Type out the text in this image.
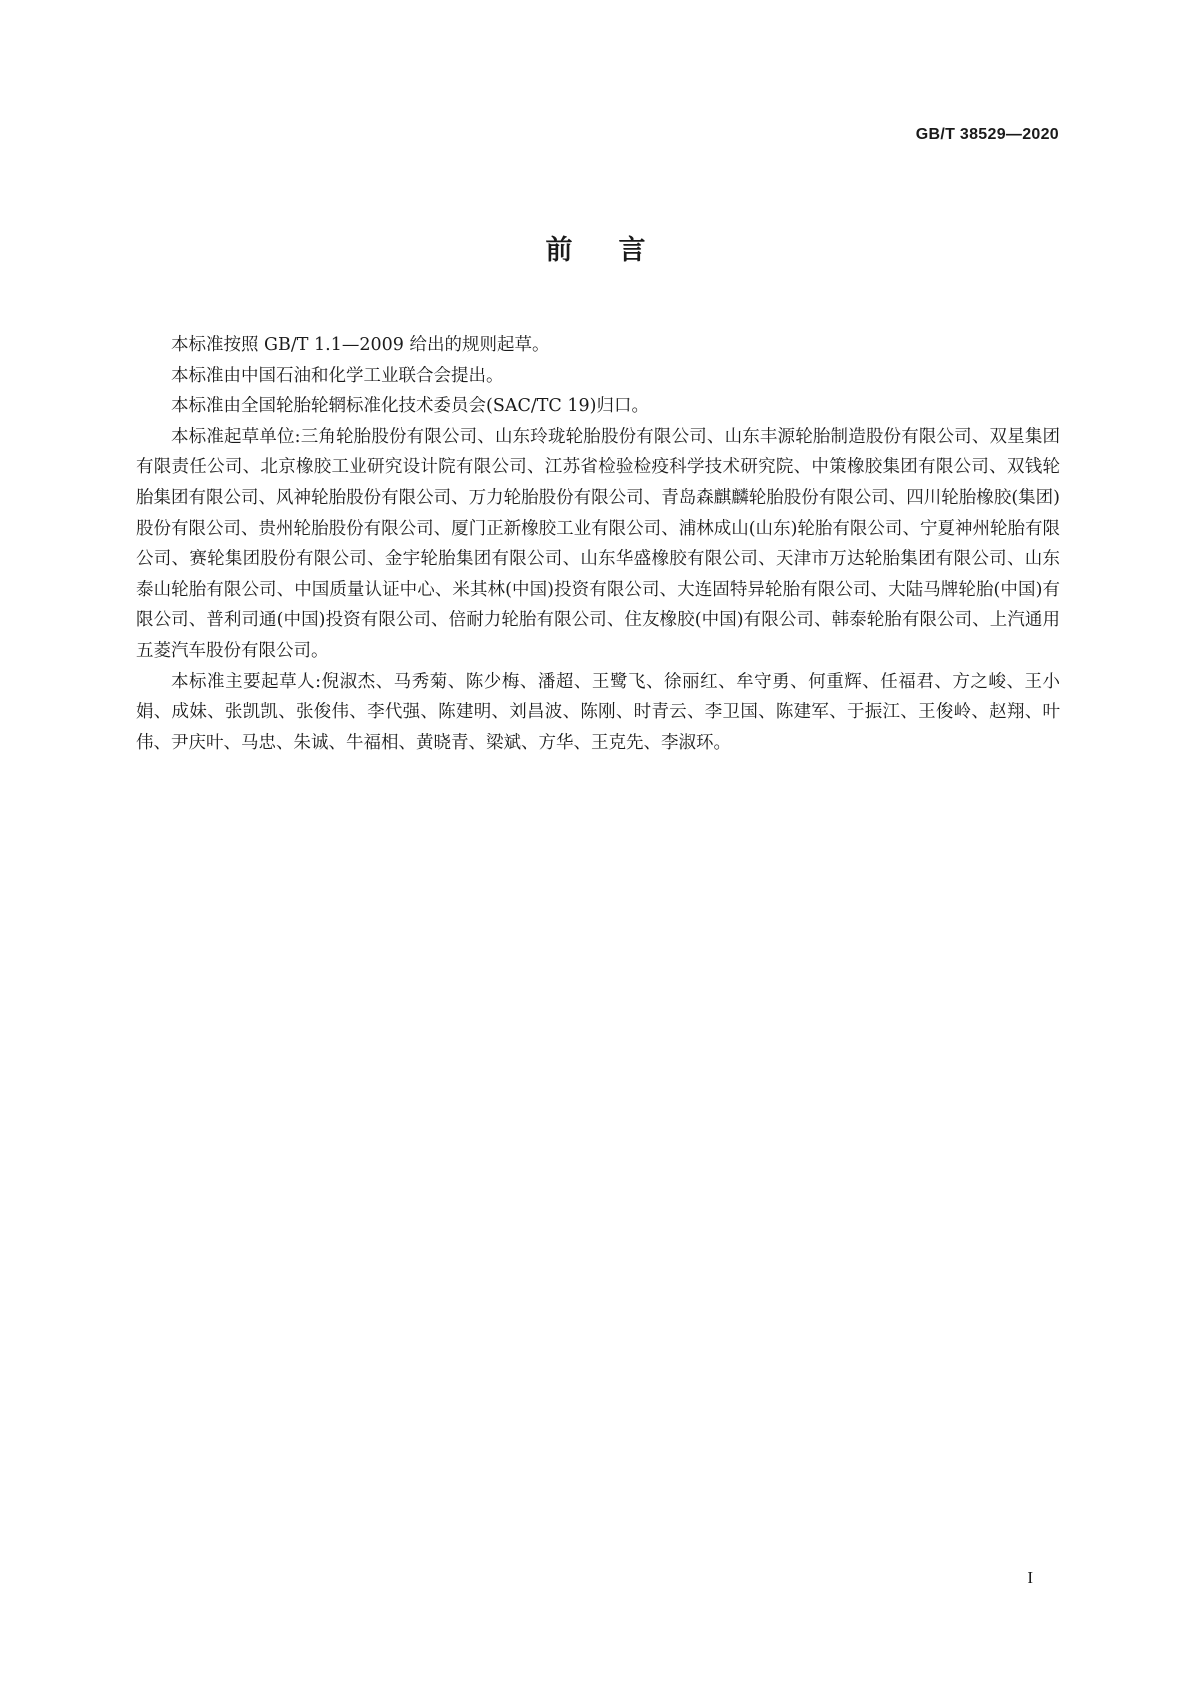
GB/T 38529—2020
前言

本标准按照 GB/T 1.1—2009 给出的规则起草。

本标准由中国石油和化学工业联合会提出。

本标准由全国轮胎轮辋标准化技术委员会(SAC/TC 19)归口。

本标准起草单位:三角轮胎股份有限公司、山东玲珑轮胎股份有限公司、山东丰源轮胎制造股份有限公司、双星集团有限责任公司、北京橡胶工业研究设计院有限公司、江苏省检验检疫科学技术研究院、中策橡胶集团有限公司、双钱轮胎集团有限公司、风神轮胎股份有限公司、万力轮胎股份有限公司、青岛森麒麟轮胎股份有限公司、四川轮胎橡胶(集团)股份有限公司、贵州轮胎股份有限公司、厦门正新橡胶工业有限公司、浦林成山(山东)轮胎有限公司、宁夏神州轮胎有限公司、赛轮集团股份有限公司、金宇轮胎集团有限公司、山东华盛橡胶有限公司、天津市万达轮胎集团有限公司、山东泰山轮胎有限公司、中国质量认证中心、米其林(中国)投资有限公司、大连固特异轮胎有限公司、大陆马牌轮胎(中国)有限公司、普利司通(中国)投资有限公司、倍耐力轮胎有限公司、住友橡胶(中国)有限公司、韩泰轮胎有限公司、上汽通用五菱汽车股份有限公司。

本标准主要起草人:倪淑杰、马秀菊、陈少梅、潘超、王鹭飞、徐丽红、牟守勇、何重辉、任福君、方之峻、王小娟、成妹、张凯凯、张俊伟、李代强、陈建明、刘昌波、陈刚、时青云、李卫国、陈建军、于振江、王俊岭、赵翔、叶伟、尹庆叶、马忠、朱诚、牛福相、黄晓青、梁斌、方华、王克先、李淑环。

I
